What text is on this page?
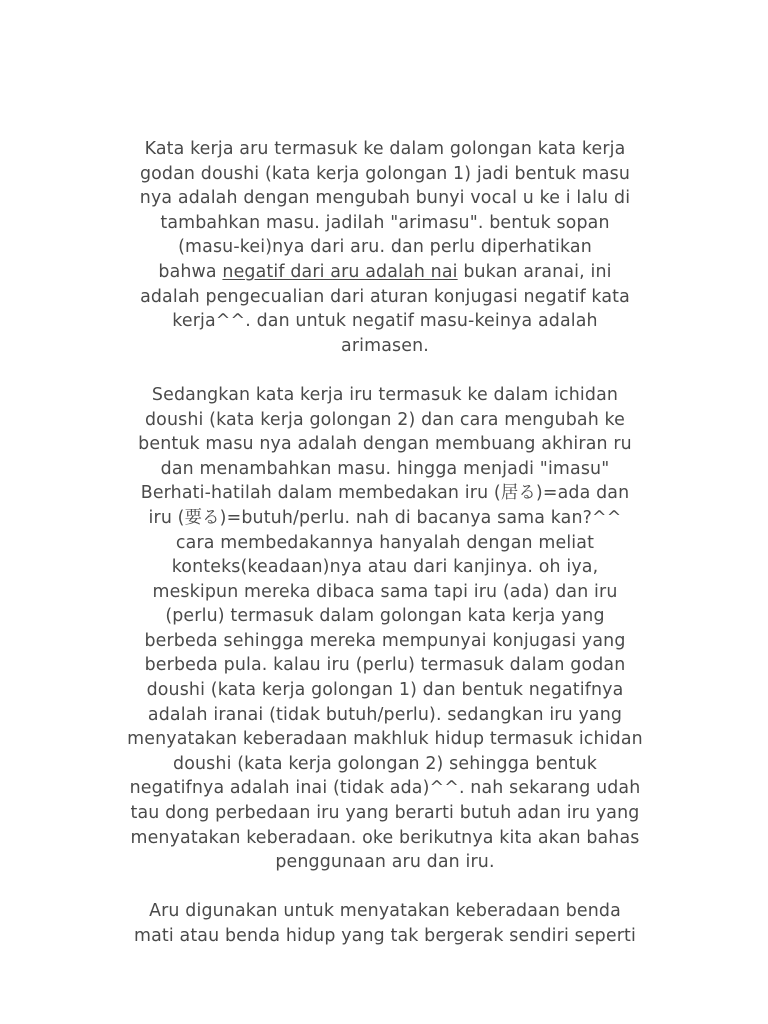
Kata kerja aru termasuk ke dalam golongan kata kerja
godan doushi (kata kerja golongan 1) jadi bentuk masu
nya adalah dengan mengubah bunyi vocal u ke i lalu di
tambahkan masu. jadilah "arimasu". bentuk sopan
(masu-kei)nya dari aru. dan perlu diperhatikan
bahwa negatif dari aru adalah nai bukan aranai, ini
adalah pengecualian dari aturan konjugasi negatif kata
kerja^^. dan untuk negatif masu-keinya adalah
arimasen.

Sedangkan kata kerja iru termasuk ke dalam ichidan
doushi (kata kerja golongan 2) dan cara mengubah ke
bentuk masu nya adalah dengan membuang akhiran ru
dan menambahkan masu. hingga menjadi "imasu"
Berhati-hatilah dalam membedakan iru (居る)=ada dan
iru (要る)=butuh/perlu. nah di bacanya sama kan?^^
cara membedakannya hanyalah dengan meliat
konteks(keadaan)nya atau dari kanjinya. oh iya,
meskipun mereka dibaca sama tapi iru (ada) dan iru
(perlu) termasuk dalam golongan kata kerja yang
berbeda sehingga mereka mempunyai konjugasi yang
berbeda pula. kalau iru (perlu) termasuk dalam godan
doushi (kata kerja golongan 1) dan bentuk negatifnya
adalah iranai (tidak butuh/perlu). sedangkan iru yang
menyatakan keberadaan makhluk hidup termasuk ichidan
doushi (kata kerja golongan 2) sehingga bentuk
negatifnya adalah inai (tidak ada)^^. nah sekarang udah
tau dong perbedaan iru yang berarti butuh adan iru yang
menyatakan keberadaan. oke berikutnya kita akan bahas
penggunaan aru dan iru.

Aru digunakan untuk menyatakan keberadaan benda
mati atau benda hidup yang tak bergerak sendiri seperti
